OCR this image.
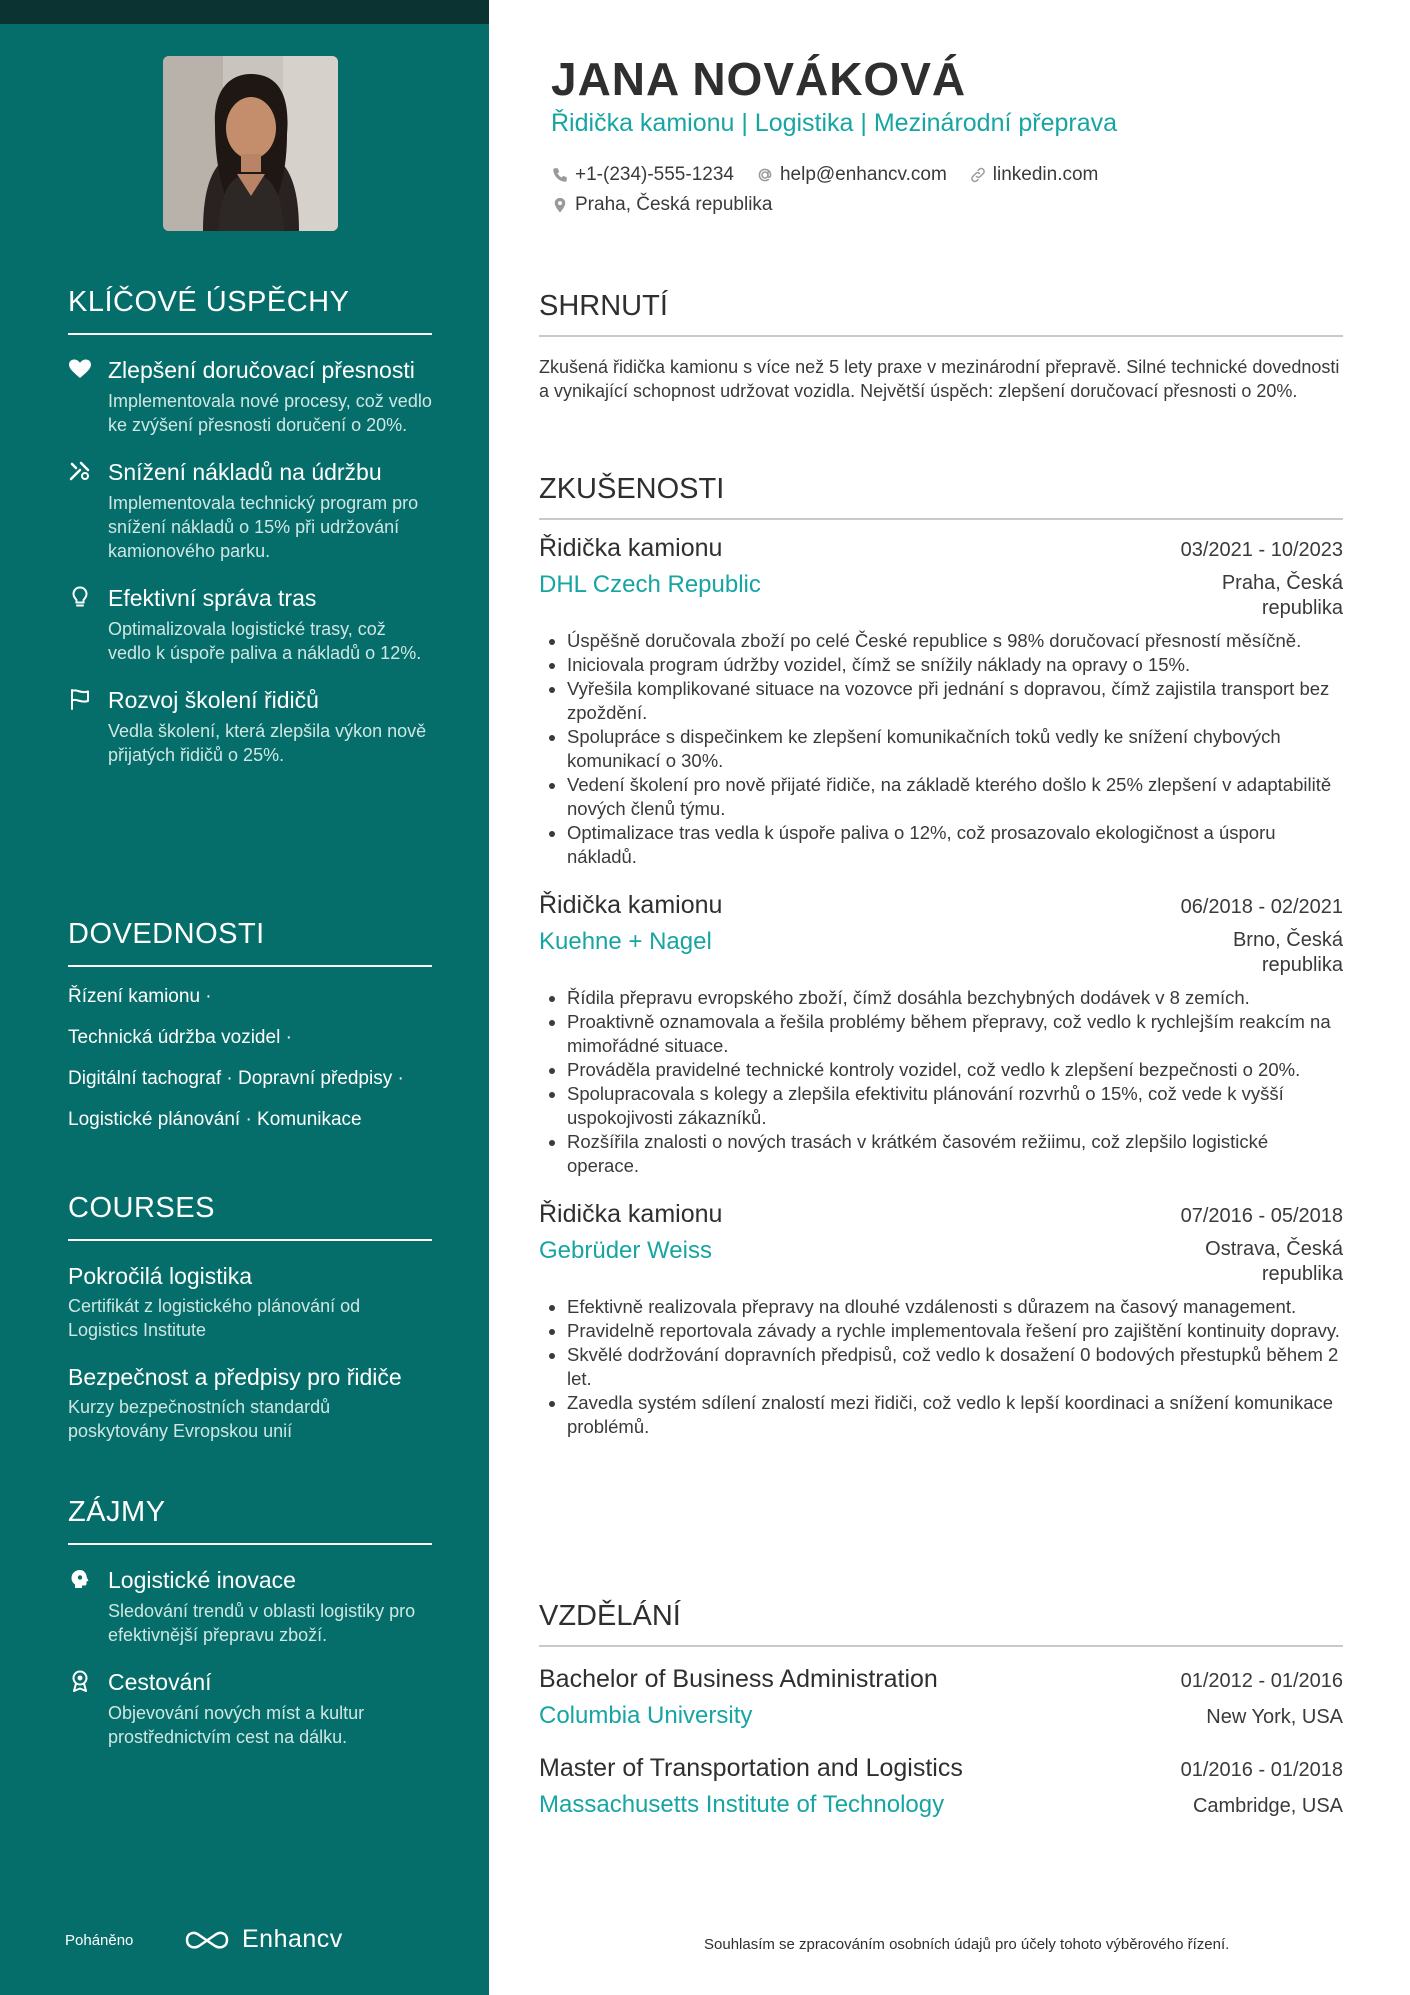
KLÍČOVÉ ÚSPĚCHY
Zlepšení doručovací přesnosti
Implementovala nové procesy, což vedlo ke zvýšení přesnosti doručení o 20%.
Snížení nákladů na údržbu
Implementovala technický program pro snížení nákladů o 15% při udržování kamionového parku.
Efektivní správa tras
Optimalizovala logistické trasy, což vedlo k úspoře paliva a nákladů o 12%.
Rozvoj školení řidičů
Vedla školení, která zlepšila výkon nově přijatých řidičů o 25%.
DOVEDNOSTI
Řízení kamionu ·
Technická údržba vozidel ·
Digitální tachograf · Dopravní předpisy ·
Logistické plánování · Komunikace
COURSES
Pokročilá logistika
Certifikát z logistického plánování od Logistics Institute
Bezpečnost a předpisy pro řidiče
Kurzy bezpečnostních standardů poskytovány Evropskou unií
ZÁJMY
Logistické inovace
Sledování trendů v oblasti logistiky pro efektivnější přepravu zboží.
Cestování
Objevování nových míst a kultur prostřednictvím cest na dálku.
Poháněno	Enhancv
JANA NOVÁKOVÁ
Řidička kamionu | Logistika | Mezinárodní přeprava
+1-(234)-555-1234 help@enhancv.com linkedin.com
Praha, Česká republika
SHRNUTÍ
Zkušená řidička kamionu s více než 5 lety praxe v mezinárodní přepravě. Silné technické dovednosti a vynikající schopnost udržovat vozidla. Největší úspěch: zlepšení doručovací přesnosti o 20%.
ZKUŠENOSTI
Řidička kamionu	03/2021 - 10/2023
DHL Czech Republic	Praha, Česká republika
• Úspěšně doručovala zboží po celé České republice s 98% doručovací přesností měsíčně.
• Iniciovala program údržby vozidel, čímž se snížily náklady na opravy o 15%.
• Vyřešila komplikované situace na vozovce při jednání s dopravou, čímž zajistila transport bez zpoždění.
• Spolupráce s dispečinkem ke zlepšení komunikačních toků vedly ke snížení chybových komunikací o 30%.
• Vedení školení pro nově přijaté řidiče, na základě kterého došlo k 25% zlepšení v adaptabilitě nových členů týmu.
• Optimalizace tras vedla k úspoře paliva o 12%, což prosazovalo ekologičnost a úsporu nákladů.
Řidička kamionu	06/2018 - 02/2021
Kuehne + Nagel	Brno, Česká republika
• Řídila přepravu evropského zboží, čímž dosáhla bezchybných dodávek v 8 zemích.
• Proaktivně oznamovala a řešila problémy během přepravy, což vedlo k rychlejším reakcím na mimořádné situace.
• Prováděla pravidelné technické kontroly vozidel, což vedlo k zlepšení bezpečnosti o 20%.
• Spolupracovala s kolegy a zlepšila efektivitu plánování rozvrhů o 15%, což vede k vyšší uspokojivosti zákazníků.
• Rozšířila znalosti o nových trasách v krátkém časovém režiimu, což zlepšilo logistické operace.
Řidička kamionu	07/2016 - 05/2018
Gebrüder Weiss	Ostrava, Česká republika
• Efektivně realizovala přepravy na dlouhé vzdálenosti s důrazem na časový management.
• Pravidelně reportovala závady a rychle implementovala řešení pro zajištění kontinuity dopravy.
• Skvělé dodržování dopravních předpisů, což vedlo k dosažení 0 bodových přestupků během 2 let.
• Zavedla systém sdílení znalostí mezi řidiči, což vedlo k lepší koordinaci a snížení komunikace problémů.
VZDĚLÁNÍ
Bachelor of Business Administration	01/2012 - 01/2016
Columbia University	New York, USA
Master of Transportation and Logistics	01/2016 - 01/2018
Massachusetts Institute of Technology	Cambridge, USA
Souhlasím se zpracováním osobních údajů pro účely tohoto výběrového řízení.
